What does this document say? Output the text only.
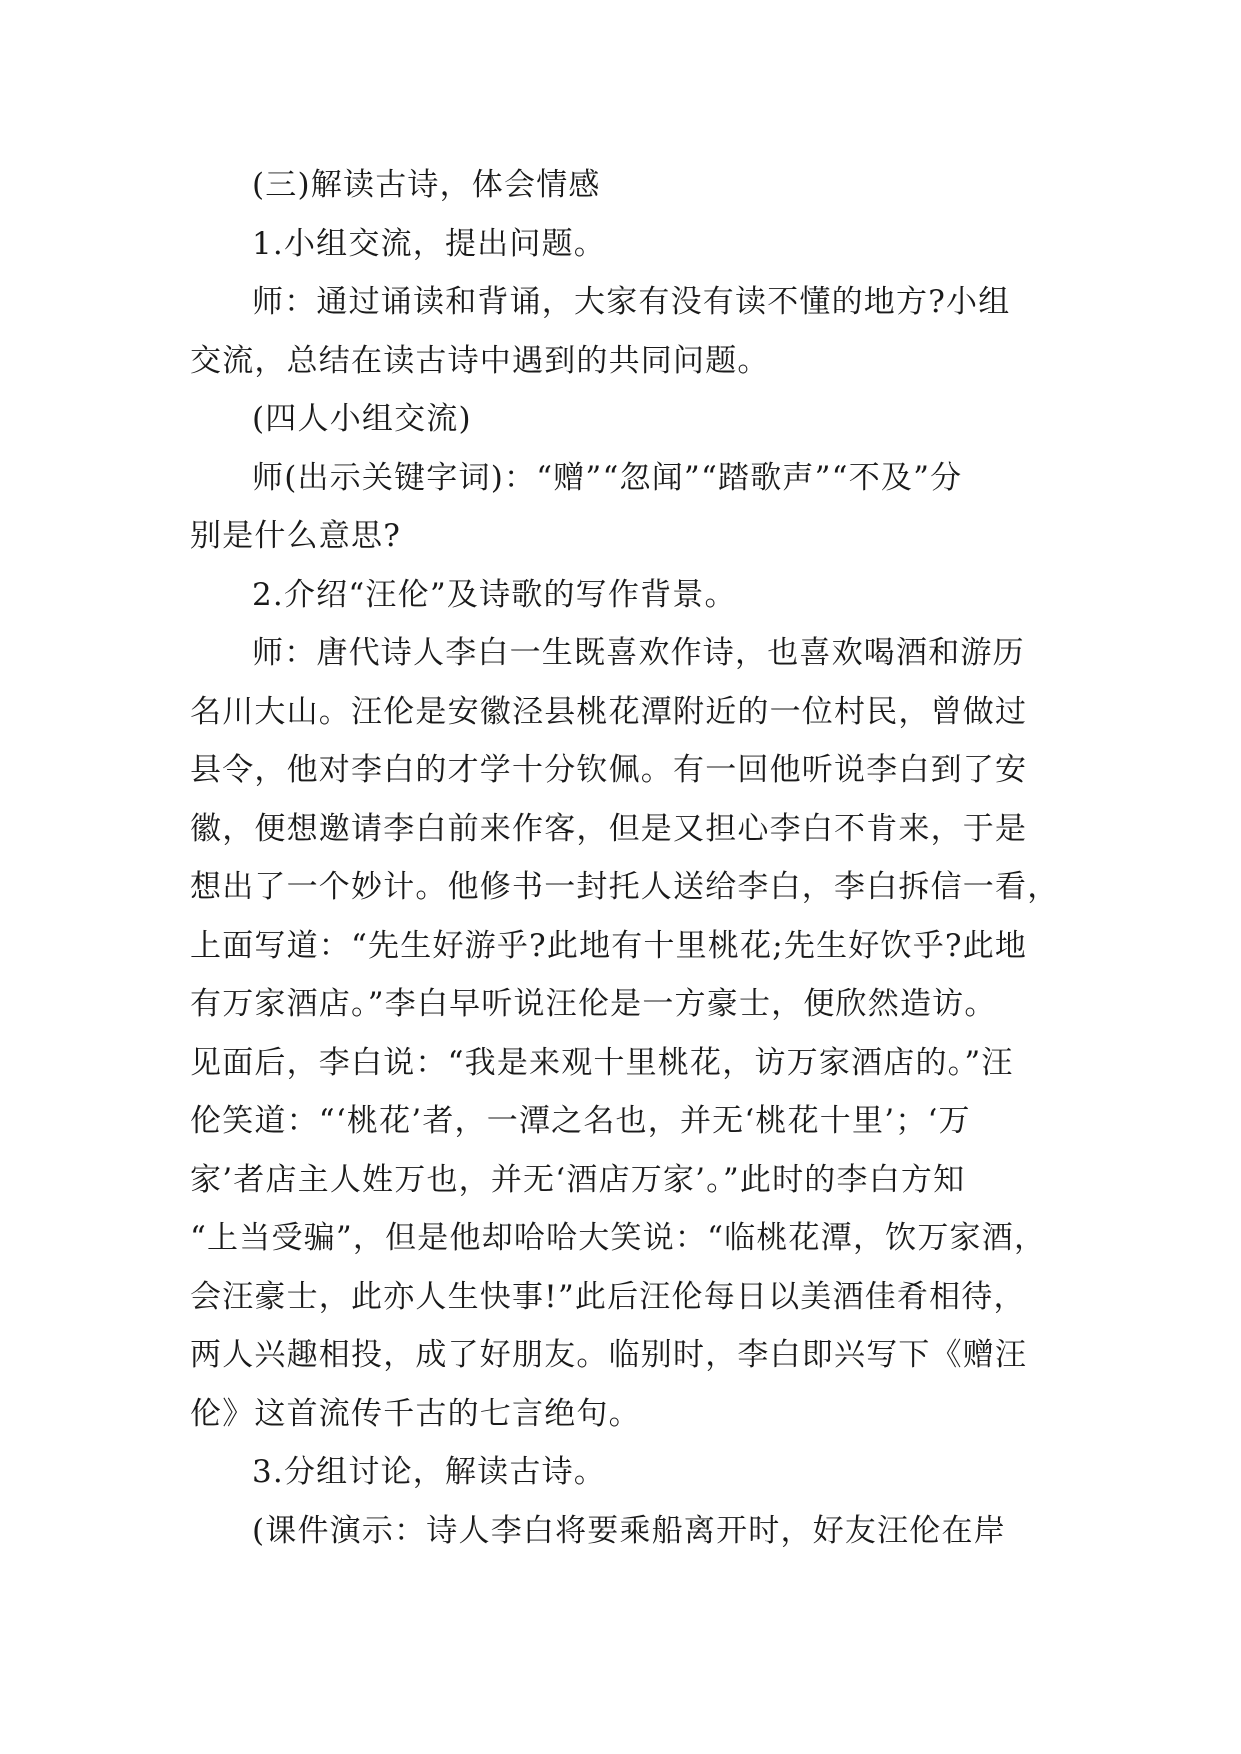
(三)解读古诗，体会情感
1.小组交流，提出问题。
师：通过诵读和背诵，大家有没有读不懂的地方?小组
交流，总结在读古诗中遇到的共同问题。
(四人小组交流)
师(出示关键字词)：“赠”“忽闻”“踏歌声”“不及”分
别是什么意思?
2.介绍“汪伦”及诗歌的写作背景。
师：唐代诗人李白一生既喜欢作诗，也喜欢喝酒和游历
名川大山。汪伦是安徽泾县桃花潭附近的一位村民，曾做过
县令，他对李白的才学十分钦佩。有一回他听说李白到了安
徽，便想邀请李白前来作客，但是又担心李白不肯来，于是
想出了一个妙计。他修书一封托人送给李白，李白拆信一看，
上面写道：“先生好游乎?此地有十里桃花;先生好饮乎?此地
有万家酒店。”李白早听说汪伦是一方豪士，便欣然造访。
见面后，李白说：“我是来观十里桃花，访万家酒店的。”汪
伦笑道：“‘桃花’者，一潭之名也，并无‘桃花十里’；‘万
家’者店主人姓万也，并无‘酒店万家’。”此时的李白方知
“上当受骗”，但是他却哈哈大笑说：“临桃花潭，饮万家酒，
会汪豪士，此亦人生快事!”此后汪伦每日以美酒佳肴相待，
两人兴趣相投，成了好朋友。临别时，李白即兴写下《赠汪
伦》这首流传千古的七言绝句。
3.分组讨论，解读古诗。
(课件演示：诗人李白将要乘船离开时，好友汪伦在岸
